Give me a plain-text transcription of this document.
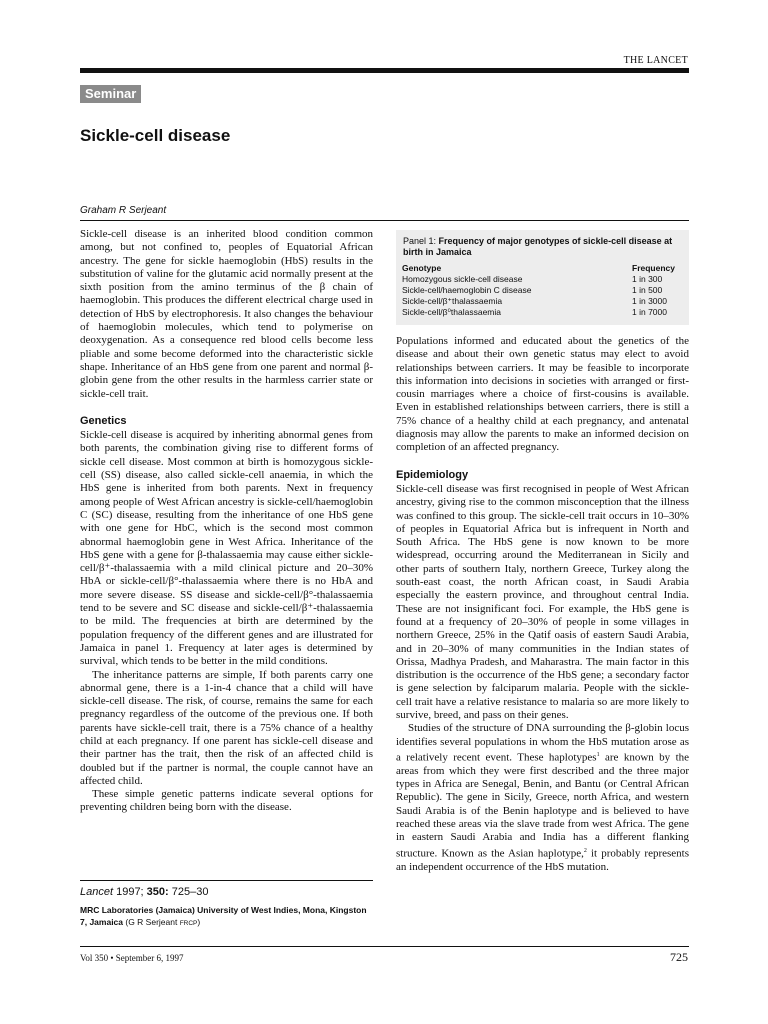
THE LANCET
Seminar
Sickle-cell disease
Graham R Serjeant

Sickle-cell disease is an inherited blood condition common among, but not confined to, peoples of Equatorial African ancestry. The gene for sickle haemoglobin (HbS) results in the substitution of valine for the glutamic acid normally present at the sixth position from the amino terminus of the β chain of haemoglobin. This produces the different electrical charge used in detection of HbS by electrophoresis. It also changes the behaviour of haemoglobin molecules, which tend to polymerise on deoxygenation. As a consequence red blood cells become less pliable and some become deformed into the characteristic sickle shape. Inheritance of an HbS gene from one parent and normal β-globin gene from the other results in the harmless carrier state or sickle-cell trait.

Genetics

Sickle-cell disease is acquired by inheriting abnormal genes from both parents, the combination giving rise to different forms of sickle cell disease. Most common at birth is homozygous sickle-cell (SS) disease, also called sickle-cell anaemia, in which the HbS gene is inherited from both parents. Next in frequency among people of West African ancestry is sickle-cell/haemoglobin C (SC) disease, resulting from the inheritance of one HbS gene with one gene for HbC, which is the second most common abnormal haemoglobin gene in West Africa. Inheritance of the HbS gene with a gene for β-thalassaemia may cause either sickle-cell/β⁺-thalassaemia with a mild clinical picture and 20–30% HbA or sickle-cell/β°-thalassaemia where there is no HbA and more severe disease. SS disease and sickle-cell/β°-thalassaemia tend to be severe and SC disease and sickle-cell/β⁺-thalassaemia to be mild. The frequencies at birth are determined by the population frequency of the different genes and are illustrated for Jamaica in panel 1. Frequency at later ages is determined by survival, which tends to be better in the mild conditions.

The inheritance patterns are simple, If both parents carry one abnormal gene, there is a 1-in-4 chance that a child will have sickle-cell disease. The risk, of course, remains the same for each pregnancy regardless of the outcome of the previous one. If both parents have sickle-cell trait, there is a 75% chance of a healthy child at each pregnancy. If one parent has sickle-cell disease and their partner has the trait, then the risk of an affected child is doubled but if the partner is normal, the couple cannot have an affected child.

These simple genetic patterns indicate several options for preventing children being born with the disease.

Lancet 1997; 350: 725–30
MRC Laboratories (Jamaica) University of West Indies, Mona, Kingston 7, Jamaica (G R Serjeant FRCP)
Panel 1: Frequency of major genotypes of sickle-cell disease at birth in Jamaica
Genotype	Frequency
Homozygous sickle-cell disease	1 in 300
Sickle-cell/haemoglobin C disease	1 in 500
Sickle-cell/β⁺thalassaemia	1 in 3000
Sickle-cell/β⁰thalassaemia	1 in 7000

Populations informed and educated about the genetics of the disease and about their own genetic status may elect to avoid relationships between carriers. It may be feasible to incorporate this information into decisions in societies with arranged or first-cousin marriages where a choice of first-cousins is available. Even in established relationships between carriers, there is still a 75% chance of a healthy child at each pregnancy, and antenatal diagnosis may allow the parents to make an informed decision on completion of an affected pregnancy.

Epidemiology

Sickle-cell disease was first recognised in people of West African ancestry, giving rise to the common misconception that the illness was confined to this group. The sickle-cell trait occurs in 10–30% of peoples in Equatorial Africa but is infrequent in North and South Africa. The HbS gene is now known to be more widespread, occurring around the Mediterranean in Sicily and other parts of southern Italy, northern Greece, Turkey along the south-east coast, the north African coast, in Saudi Arabia especially the eastern province, and throughout central India. These are not insignificant foci. For example, the HbS gene is found at a frequency of 20–30% of people in some villages in northern Greece, 25% in the Qatif oasis of eastern Saudi Arabia, and in 20–30% of many communities in the Indian states of Orissa, Madhya Pradesh, and Maharastra. The main factor in this distribution is the occurrence of the HbS gene; a secondary factor is gene selection by falciparum malaria. People with the sickle-cell trait have a relative resistance to malaria so are more likely to survive, breed, and pass on their genes.

Studies of the structure of DNA surrounding the β-globin locus identifies several populations in whom the HbS mutation arose as a relatively recent event. These haplotypes$^1$ are known by the areas from which they were first described and the three major types in Africa are Senegal, Benin, and Bantu (or Central African Republic). The gene in Sicily, Greece, north Africa, and western Saudi Arabia is of the Benin haplotype and is believed to have reached these areas via the slave trade from west Africa. The gene in eastern Saudi Arabia and India has a different flanking structure. Known as the Asian haplotype,$^2$ it probably represents an independent occurrence of the HbS mutation.

Vol 350 • September 6, 1997	725
